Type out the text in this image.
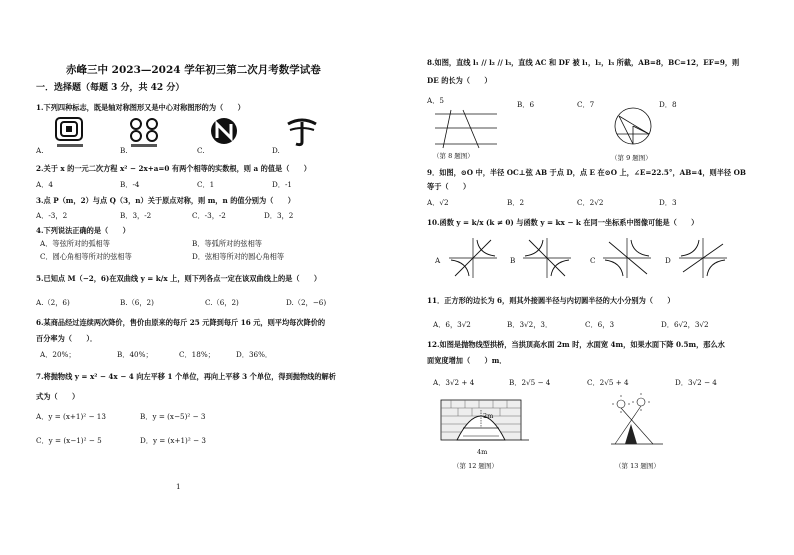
赤峰三中 2023—2024 学年初三第二次月考数学试卷
一．选择题（每题 3 分，共 42 分）
1.下列四种标志，既是轴对称图形又是中心对称图形的为（　　）
A.	B.	C.	D.
2.关于 x 的一元二次方程 x² − 2x+a=0 有两个相等的实数根，则 a 的值是（　　）
A．4	B．-4	C．1	D．-1
3.点 P（m，2）与点 Q（3，n）关于原点对称，则 m，n 的值分别为（　　）
A．-3，2	B．3，-2	C．-3，-2	D．3，2
4.下列说法正确的是（　　）
A．等弦所对的弧相等	B．等弧所对的弦相等
C．圆心角相等所对的弦相等	D．弦相等所对的圆心角相等
5.已知点 M（−2，6)在双曲线 y = k/x 上，则下列各点一定在该双曲线上的是（　　）
A.（2，6)	B.（6，2)	C.（6，2)	D.（2，−6)
6.某商品经过连续两次降价，售价由原来的每斤 25 元降到每斤 16 元，则平均每次降价的
百分率为（　　）．
A．20%；	B．40%；	C．18%；	D．36%．
7.将抛物线 y = x² − 4x − 4 向左平移 1 个单位，再向上平移 3 个单位，得到抛物线的解析
式为（　　）
A．y = (x+1)² − 13	B．y = (x−5)² − 3
C．y = (x−1)² − 5	D．y = (x+1)² − 3
1
8.如图，直线 l₁ // l₂ // l₃，直线 AC 和 DF 被 l₁，l₂，l₃ 所截，AB=8，BC=12，EF=9，则
DE 的长为（　　）
A．5	B．6	C．7	D．8
（第 8 题图）	（第 9 题图）
9．如图，⊙O 中，半径 OC⊥弦 AB 于点 D，点 E 在⊙O 上，∠E=22.5°，AB=4，则半径 OB
等于（　　）
A．√2	B．2	C．2√2	D．3
10.函数 y = k/x (k ≠ 0) 与函数 y = kx − k 在同一坐标系中图像可能是（　　）
A	B	C	D
11．正方形的边长为 6，则其外接圆半径与内切圆半径的大小分别为（　　）
A．6，3√2	B．3√2，3．	C．6，3	D．6√2，3√2
12.如图是抛物线型拱桥，当拱顶高水面 2m 时，水面宽 4m，如果水面下降 0.5m，那么水
面宽度增加（　　）m．
A．3√2 + 4	B．2√5 − 4	C．2√5 + 4	D．3√2 − 4
2m
4m
（第 12 题图）	（第 13 题图）
